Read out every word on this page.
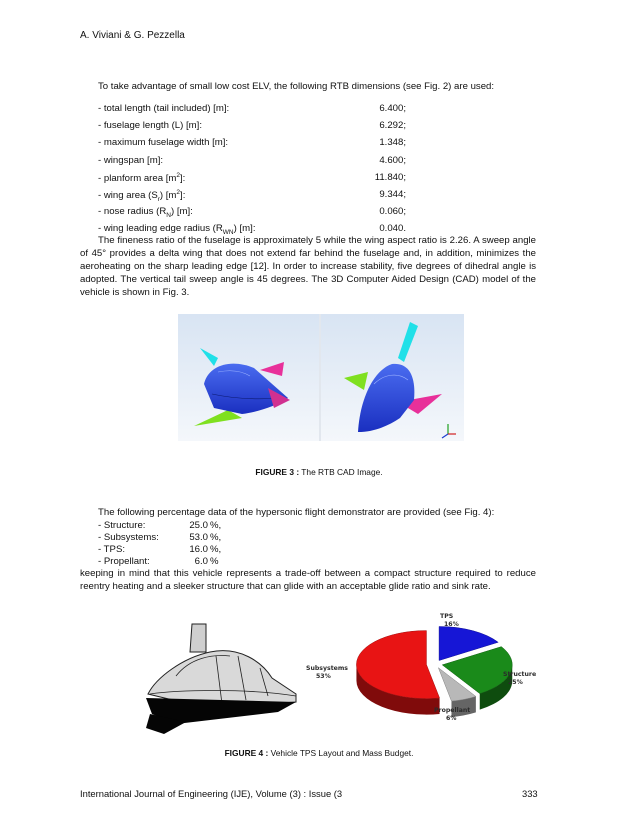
A. Viviani & G. Pezzella
To take advantage of small low cost ELV, the following RTB dimensions (see Fig. 2) are used:
- total length (tail included) [m]:	6.400;
- fuselage length (L) [m]:	6.292;
- maximum fuselage width [m]:	1.348;
- wingspan [m]:	4.600;
- planform area $[m^2]$:	11.840;
- wing area $(S_r)$ $[m^2]$:	9.344;
- nose radius $(R_N)$ [m]:	0.060;
- wing leading edge radius $(R_{WN})$ [m]:	0.040.
The fineness ratio of the fuselage is approximately 5 while the wing aspect ratio is 2.26. A sweep angle of 45° provides a delta wing that does not extend far behind the fuselage and, in addition, minimizes the aeroheating on the sharp leading edge [12]. In order to increase stability, five degrees of dihedral angle is adopted. The vertical tail sweep angle is 45 degrees. The 3D Computer Aided Design (CAD) model of the vehicle is shown in Fig. 3.
FIGURE 3 : The RTB CAD Image.
The following percentage data of the hypersonic flight demonstrator are provided (see Fig. 4):
- Structure:	25.0 %,
- Subsystems:	53.0 %,
- TPS:	16.0 %,
- Propellant:	6.0 %
keeping in mind that this vehicle represents a trade-off between a compact structure required to reduce reentry heating and a sleeker structure that can glide with an acceptable glide ratio and sink rate.
TPS
16%
Structure
25%
Propellant
6%
Subsystems
53%
FIGURE 4 : Vehicle TPS Layout and Mass Budget.
International Journal of Engineering (IJE), Volume (3) : Issue (3	333
